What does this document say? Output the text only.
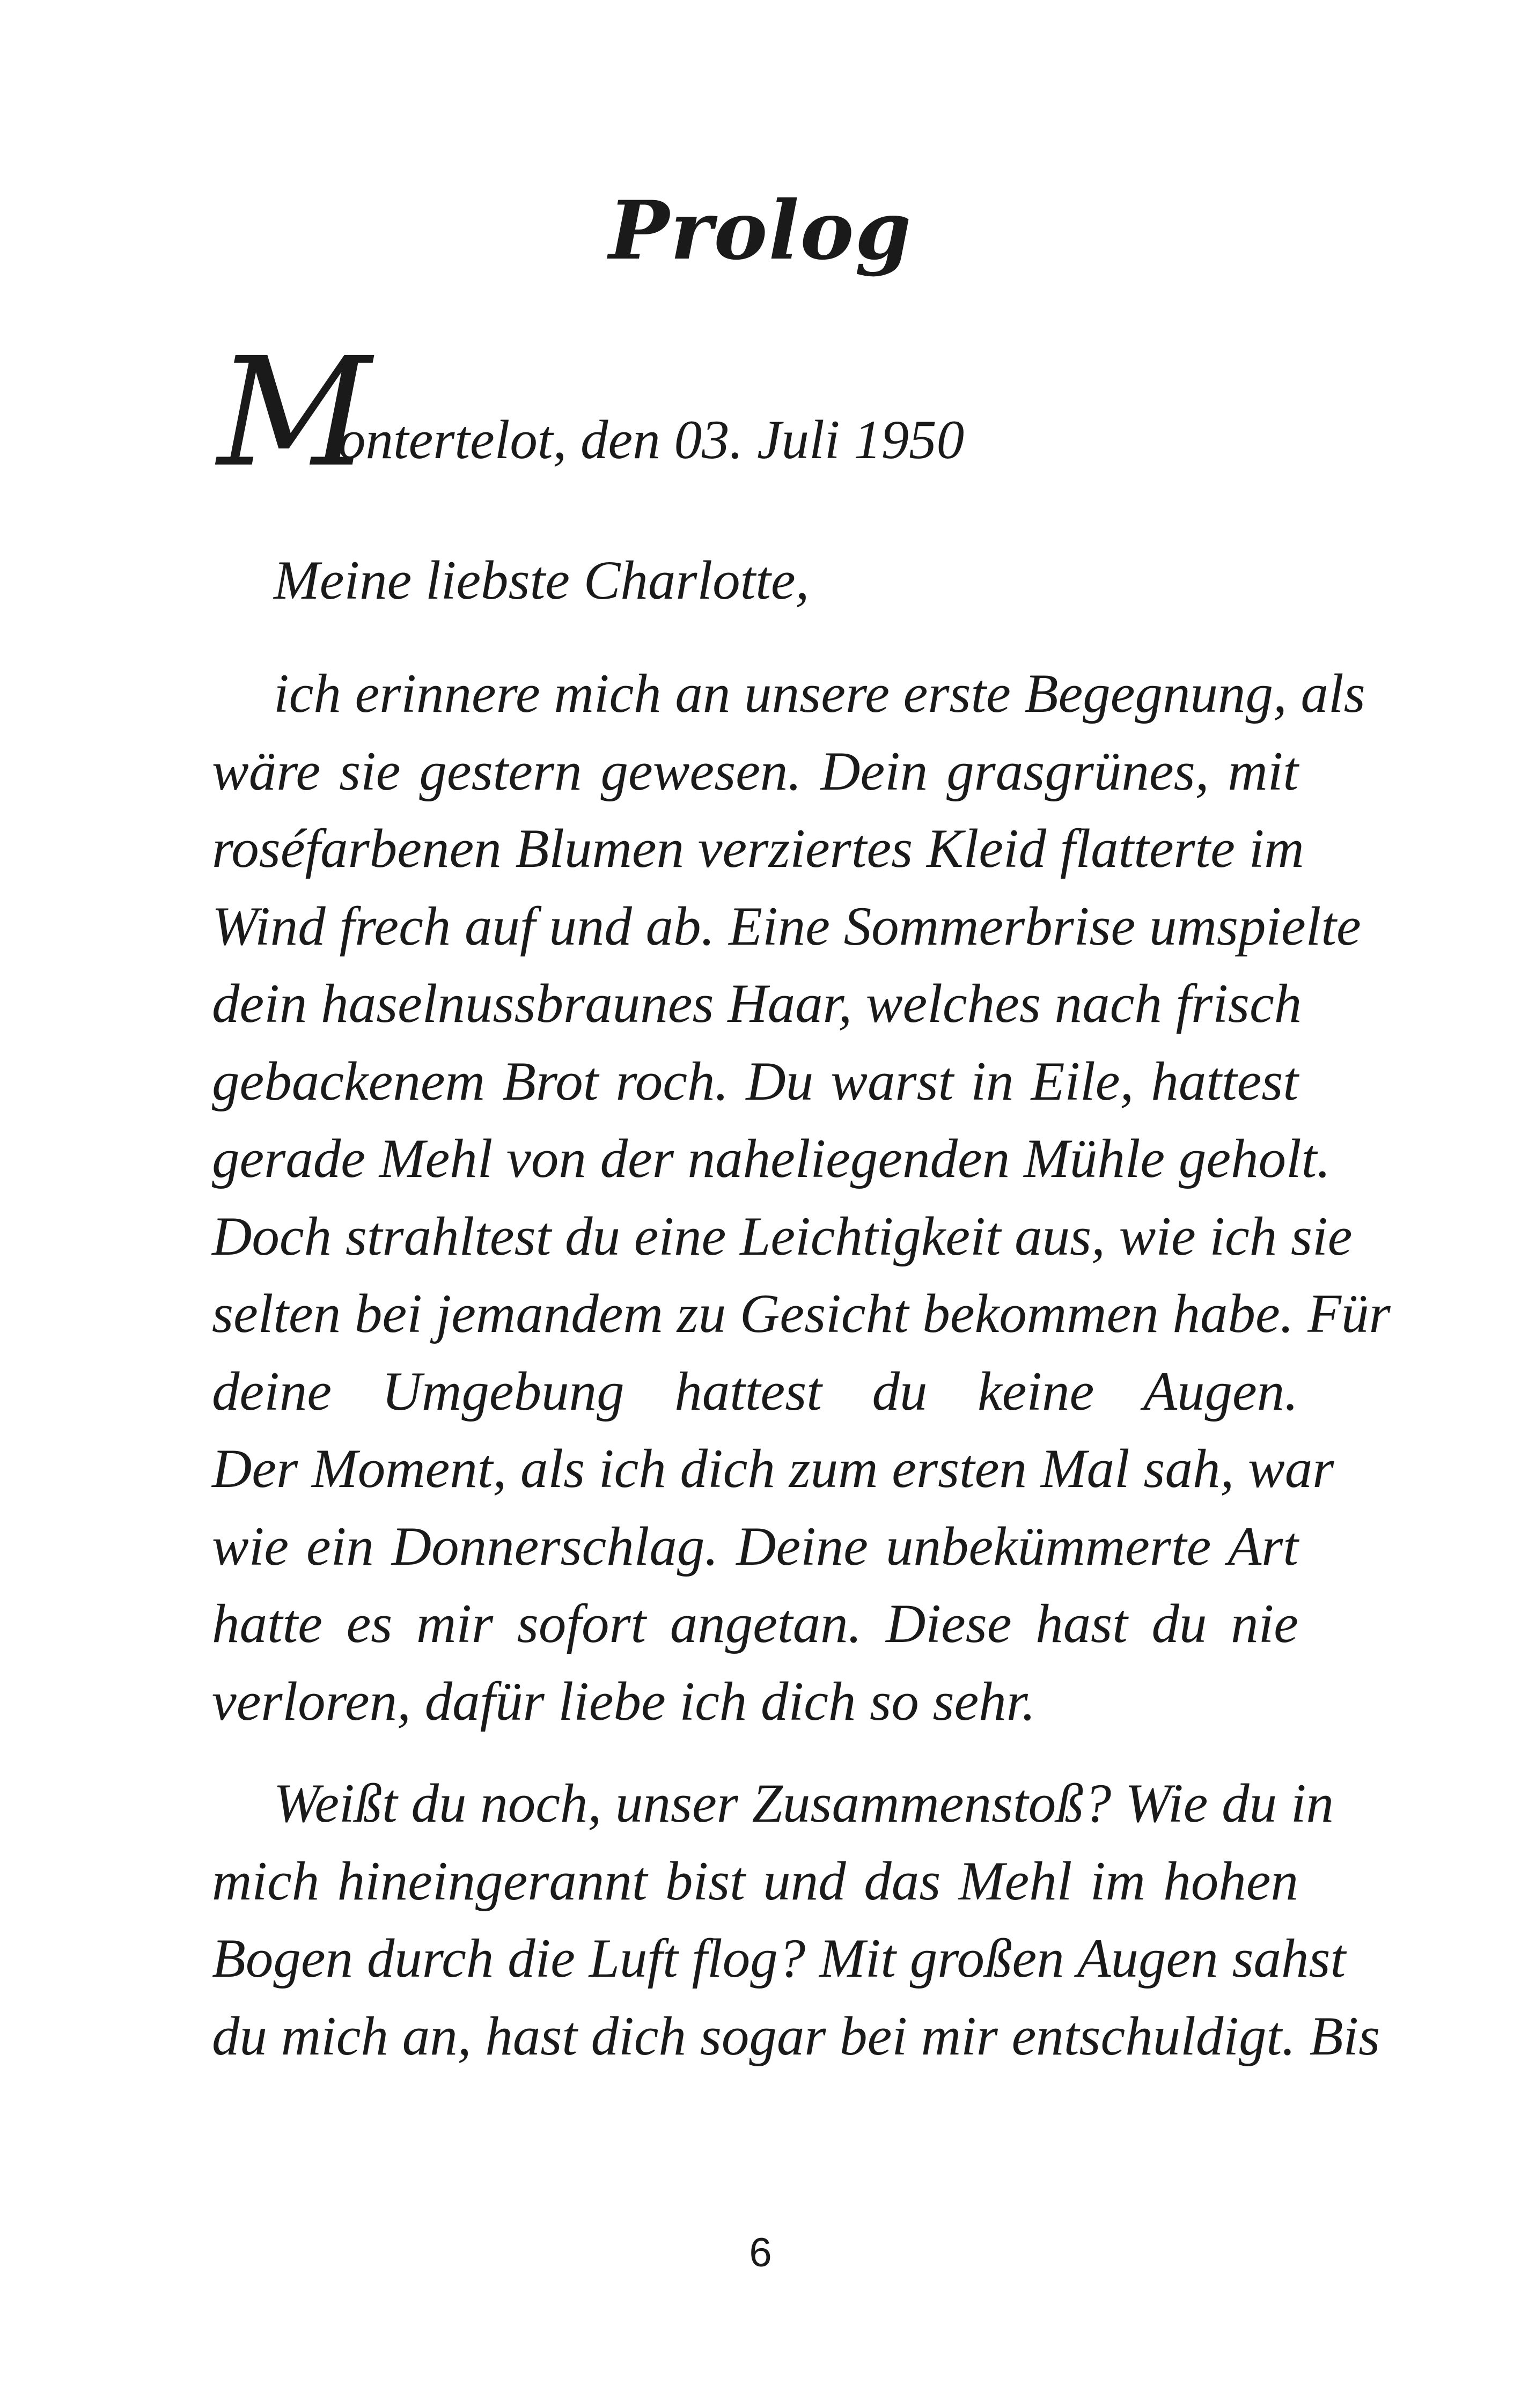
Prolog
M
ontertelot, den 03. Juli 1950

Meine liebste Charlotte,

ich erinnere mich an unsere erste Begegnung, als
wäre sie gestern gewesen. Dein grasgrünes, mit
roséfarbenen Blumen verziertes Kleid flatterte im
Wind frech auf und ab. Eine Sommerbrise umspielte
dein haselnussbraunes Haar, welches nach frisch
gebackenem Brot roch. Du warst in Eile, hattest
gerade Mehl von der naheliegenden Mühle geholt.
Doch strahltest du eine Leichtigkeit aus, wie ich sie
selten bei jemandem zu Gesicht bekommen habe. Für
deine Umgebung hattest du keine Augen.
Der Moment, als ich dich zum ersten Mal sah, war
wie ein Donnerschlag. Deine unbekümmerte Art
hatte es mir sofort angetan. Diese hast du nie
verloren, dafür liebe ich dich so sehr.
Weißt du noch, unser Zusammenstoß? Wie du in
mich hineingerannt bist und das Mehl im hohen
Bogen durch die Luft flog? Mit großen Augen sahst
du mich an, hast dich sogar bei mir entschuldigt. Bis
6
